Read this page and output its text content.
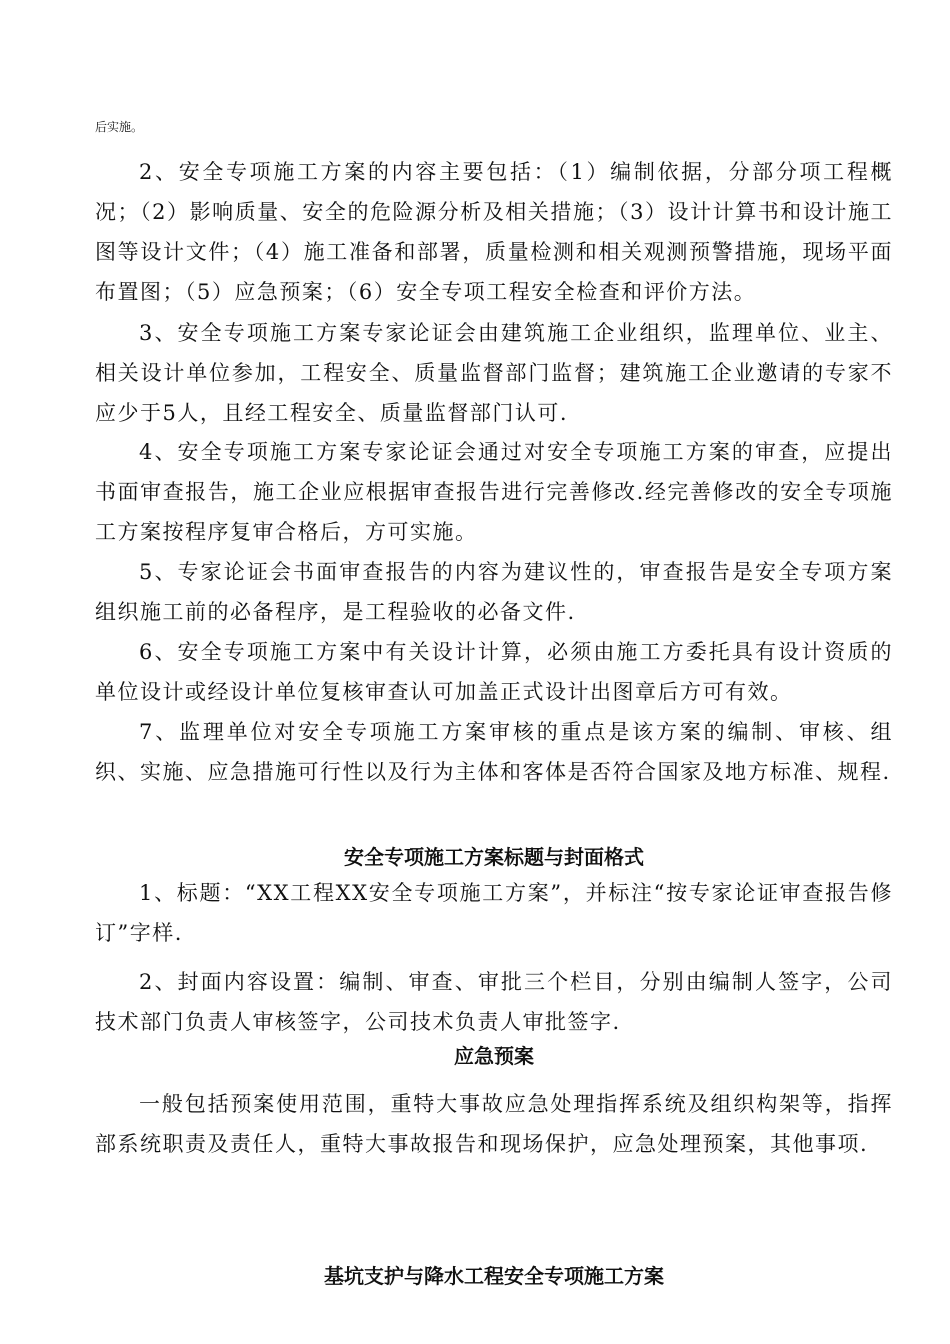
后实施。

2、安全专项施工方案的内容主要包括：（1）编制依据，分部分项工程概况；（2）影响质量、安全的危险源分析及相关措施；（3）设计计算书和设计施工图等设计文件；（4）施工准备和部署，质量检测和相关观测预警措施，现场平面布置图；（5）应急预案；（6）安全专项工程安全检查和评价方法。

3、安全专项施工方案专家论证会由建筑施工企业组织，监理单位、业主、相关设计单位参加，工程安全、质量监督部门监督；建筑施工企业邀请的专家不应少于5人，且经工程安全、质量监督部门认可.

4、安全专项施工方案专家论证会通过对安全专项施工方案的审查，应提出书面审查报告，施工企业应根据审查报告进行完善修改.经完善修改的安全专项施工方案按程序复审合格后，方可实施。

5、专家论证会书面审查报告的内容为建议性的，审查报告是安全专项方案组织施工前的必备程序，是工程验收的必备文件.

6、安全专项施工方案中有关设计计算，必须由施工方委托具有设计资质的单位设计或经设计单位复核审查认可加盖正式设计出图章后方可有效。

7、监理单位对安全专项施工方案审核的重点是该方案的编制、审核、组织、实施、应急措施可行性以及行为主体和客体是否符合国家及地方标准、规程.

安全专项施工方案标题与封面格式

1、标题：“XX工程XX安全专项施工方案”，并标注“按专家论证审查报告修订”字样.

2、封面内容设置：编制、审查、审批三个栏目，分别由编制人签字，公司技术部门负责人审核签字，公司技术负责人审批签字.

应急预案

一般包括预案使用范围，重特大事故应急处理指挥系统及组织构架等，指挥部系统职责及责任人，重特大事故报告和现场保护，应急处理预案，其他事项.

基坑支护与降水工程安全专项施工方案
